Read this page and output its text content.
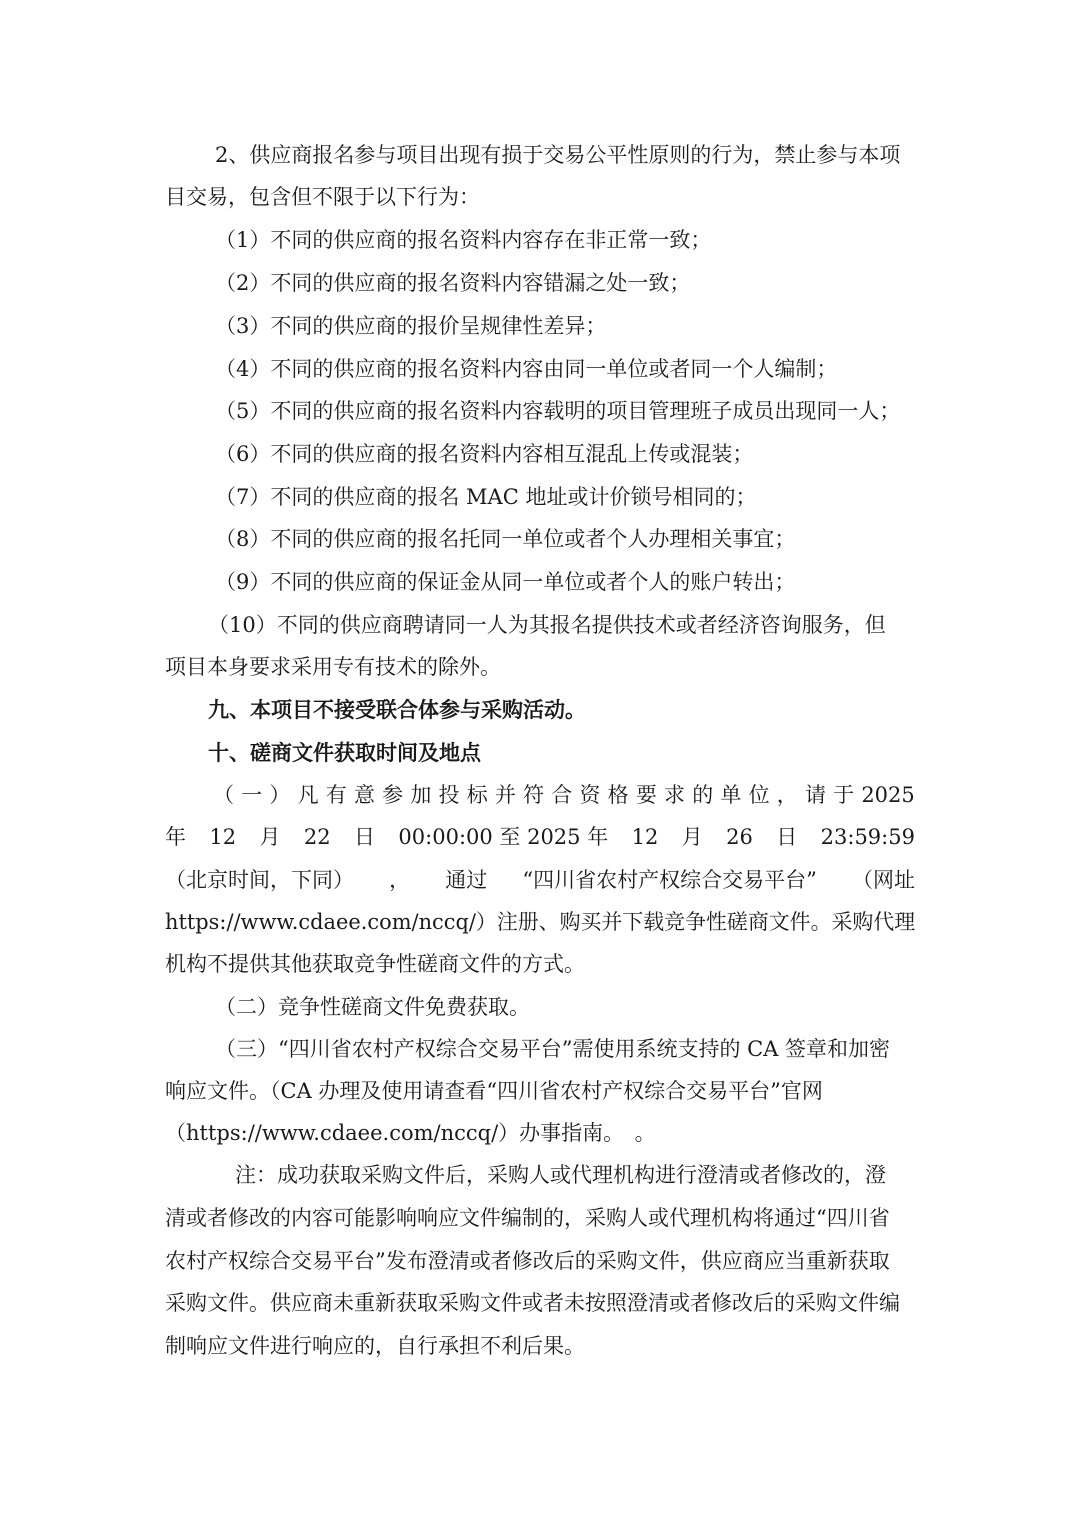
2、供应商报名参与项目出现有损于交易公平性原则的行为，禁止参与本项
目交易，包含但不限于以下行为：
（1）不同的供应商的报名资料内容存在非正常一致；
（2）不同的供应商的报名资料内容错漏之处一致；
（3）不同的供应商的报价呈规律性差异；
（4）不同的供应商的报名资料内容由同一单位或者同一个人编制；
（5）不同的供应商的报名资料内容载明的项目管理班子成员出现同一人；
（6）不同的供应商的报名资料内容相互混乱上传或混装；
（7）不同的供应商的报名 MAC 地址或计价锁号相同的；
（8）不同的供应商的报名托同一单位或者个人办理相关事宜；
（9）不同的供应商的保证金从同一单位或者个人的账户转出；
（10）不同的供应商聘请同一人为其报名提供技术或者经济咨询服务，但
项目本身要求采用专有技术的除外。
九、本项目不接受联合体参与采购活动。
十、磋商文件获取时间及地点
（ 一 ） 凡 有 意 参 加 投 标 并 符 合 资 格 要 求 的 单 位 ， 请 于 2025
年 12 月 22 日 00:00:00 至 2025 年 12 月 26 日 23:59:59
（北京时间，下同） ， 通过 “四川省农村产权综合交易平台” （网址
https://www.cdaee.com/nccq/）注册、购买并下载竞争性磋商文件。采购代理
机构不提供其他获取竞争性磋商文件的方式。
（二）竞争性磋商文件免费获取。
（三）“四川省农村产权综合交易平台”需使用系统支持的 CA 签章和加密
响应文件。（CA 办理及使用请查看“四川省农村产权综合交易平台”官网
（https://www.cdaee.com/nccq/）办事指南。　。
注：成功获取采购文件后，采购人或代理机构进行澄清或者修改的，澄
清或者修改的内容可能影响响应文件编制的，采购人或代理机构将通过“四川省
农村产权综合交易平台”发布澄清或者修改后的采购文件，供应商应当重新获取
采购文件。供应商未重新获取采购文件或者未按照澄清或者修改后的采购文件编
制响应文件进行响应的，自行承担不利后果。
